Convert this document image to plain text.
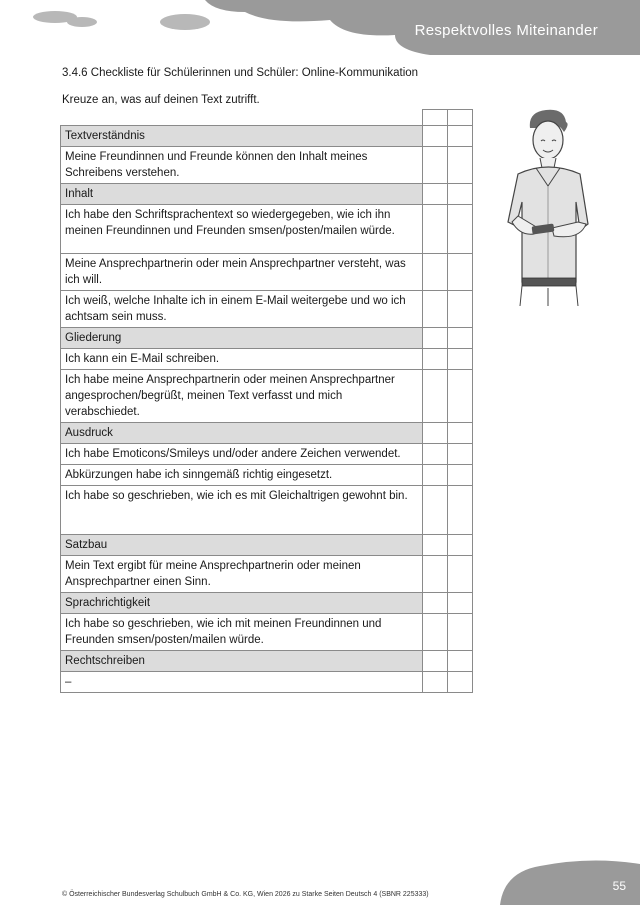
Respektvolles Miteinander
3.4.6 Checkliste für Schülerinnen und Schüler: Online-Kommunikation
Kreuze an, was auf deinen Text zutrifft.

Textverständnis		
Meine Freundinnen und Freunde können den Inhalt meines Schreibens verstehen.		
Inhalt		
Ich habe den Schriftsprachentext so wiedergegeben, wie ich ihn meinen Freundinnen und Freunden smsen/posten/mailen würde.		
Meine Ansprechpartnerin oder mein Ansprechpartner versteht, was ich will.		
Ich weiß, welche Inhalte ich in einem E-Mail weitergebe und wo ich achtsam sein muss.		
Gliederung		
Ich kann ein E-Mail schreiben.		
Ich habe meine Ansprechpartnerin oder meinen Ansprechpartner angesprochen/begrüßt, meinen Text verfasst und mich verabschiedet.		
Ausdruck		
Ich habe Emoticons/Smileys und/oder andere Zeichen verwendet.		
Abkürzungen habe ich sinngemäß richtig eingesetzt.		
Ich habe so geschrieben, wie ich es mit Gleichaltrigen gewohnt bin.		
Satzbau		
Mein Text ergibt für meine Ansprechpartnerin oder meinen Ansprechpartner einen Sinn.		
Sprachrichtigkeit		
Ich habe so geschrieben, wie ich mit meinen Freundinnen und Freunden smsen/posten/mailen würde.		
Rechtschreiben		
–		
© Österreichischer Bundesverlag Schulbuch GmbH & Co. KG, Wien 2026 zu Starke Seiten Deutsch 4 (SBNR 225333)
55
